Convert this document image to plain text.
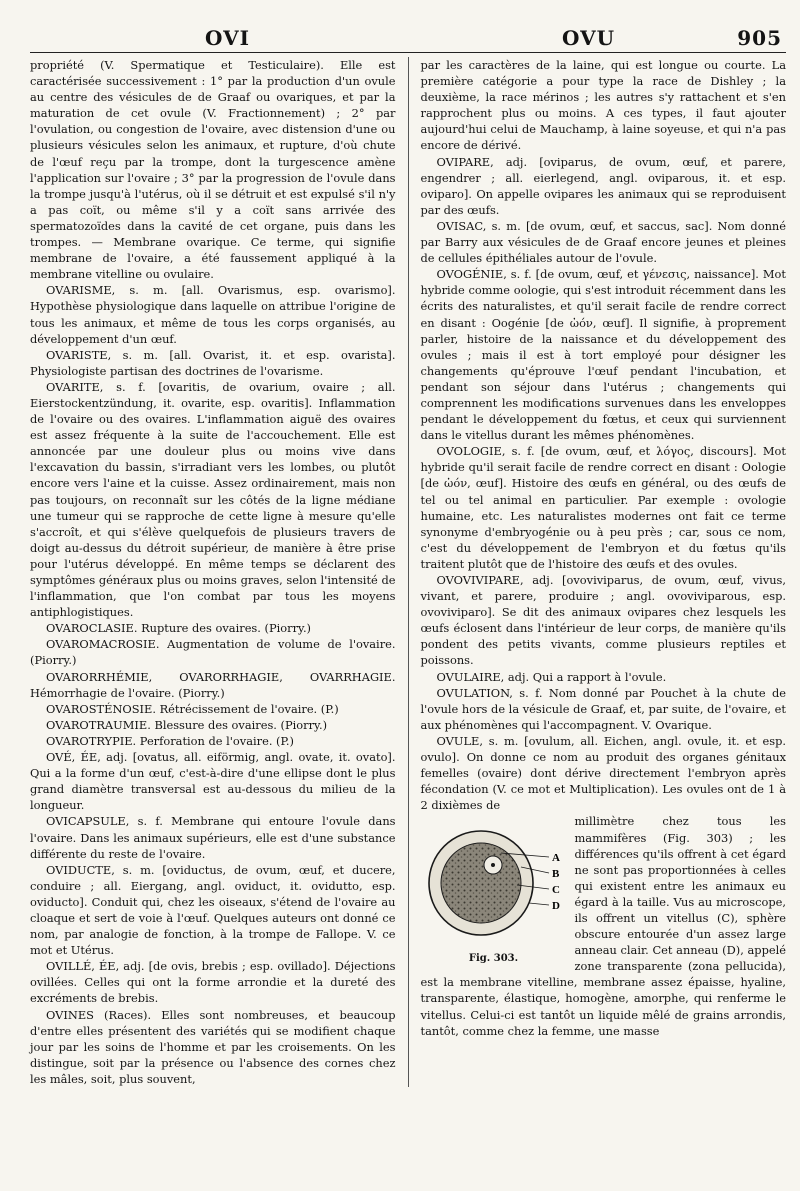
OVI	OVU	905

propriété (V. Spermatique et Testiculaire). Elle est caractérisée successivement : 1° par la production d'un ovule au centre des vésicules de de Graaf ou ovariques, et par la maturation de cet ovule (V. Fractionnement) ; 2° par l'ovulation, ou congestion de l'ovaire, avec distension d'une ou plusieurs vésicules selon les animaux, et rupture, d'où chute de l'œuf reçu par la trompe, dont la turgescence amène l'application sur l'ovaire ; 3° par la progression de l'ovule dans la trompe jusqu'à l'utérus, où il se détruit et est expulsé s'il n'y a pas coït, ou même s'il y a coït sans arrivée des spermatozoïdes dans la cavité de cet organe, puis dans les trompes. — Membrane ovarique. Ce terme, qui signifie membrane de l'ovaire, a été faussement appliqué à la membrane vitelline ou ovulaire.

OVARISME, s. m. [all. Ovarismus, esp. ovarismo]. Hypothèse physiologique dans laquelle on attribue l'origine de tous les animaux, et même de tous les corps organisés, au développement d'un œuf.

OVARISTE, s. m. [all. Ovarist, it. et esp. ovarista]. Physiologiste partisan des doctrines de l'ovarisme.

OVARITE, s. f. [ovaritis, de ovarium, ovaire ; all. Eierstockentzündung, it. ovarite, esp. ovaritis]. Inflammation de l'ovaire ou des ovaires. L'inflammation aiguë des ovaires est assez fréquente à la suite de l'accouchement. Elle est annoncée par une douleur plus ou moins vive dans l'excavation du bassin, s'irradiant vers les lombes, ou plutôt encore vers l'aine et la cuisse. Assez ordinairement, mais non pas toujours, on reconnaît sur les côtés de la ligne médiane une tumeur qui se rapproche de cette ligne à mesure qu'elle s'accroît, et qui s'élève quelquefois de plusieurs travers de doigt au-dessus du détroit supérieur, de manière à être prise pour l'utérus développé. En même temps se déclarent des symptômes généraux plus ou moins graves, selon l'intensité de l'inflammation, que l'on combat par tous les moyens antiphlogistiques.

OVAROCLASIE. Rupture des ovaires. (Piorry.)

OVAROMACROSIE. Augmentation de volume de l'ovaire. (Piorry.)

OVARORRHÉMIE, OVARORRHAGIE, OVARRHAGIE. Hémorrhagie de l'ovaire. (Piorry.)

OVAROSTÉNOSIE. Rétrécissement de l'ovaire. (P.)

OVAROTRAUMIE. Blessure des ovaires. (Piorry.)

OVAROTRYPIE. Perforation de l'ovaire. (P.)

OVÉ, ÉE, adj. [ovatus, all. eiförmig, angl. ovate, it. ovato]. Qui a la forme d'un œuf, c'est-à-dire d'une ellipse dont le plus grand diamètre transversal est au-dessous du milieu de la longueur.

OVICAPSULE, s. f. Membrane qui entoure l'ovule dans l'ovaire. Dans les animaux supérieurs, elle est d'une substance différente du reste de l'ovaire.

OVIDUCTE, s. m. [oviductus, de ovum, œuf, et ducere, conduire ; all. Eiergang, angl. oviduct, it. ovidutto, esp. oviducto]. Conduit qui, chez les oiseaux, s'étend de l'ovaire au cloaque et sert de voie à l'œuf. Quelques auteurs ont donné ce nom, par analogie de fonction, à la trompe de Fallope. V. ce mot et Utérus.

OVILLÉ, ÉE, adj. [de ovis, brebis ; esp. ovillado]. Déjections ovillées. Celles qui ont la forme arrondie et la dureté des excréments de brebis.

OVINES (Races). Elles sont nombreuses, et beaucoup d'entre elles présentent des variétés qui se modifient chaque jour par les soins de l'homme et par les croisements. On les distingue, soit par la présence ou l'absence des cornes chez les mâles, soit, plus souvent,

par les caractères de la laine, qui est longue ou courte. La première catégorie a pour type la race de Dishley ; la deuxième, la race mérinos ; les autres s'y rattachent et s'en rapprochent plus ou moins. A ces types, il faut ajouter aujourd'hui celui de Mauchamp, à laine soyeuse, et qui n'a pas encore de dérivé.

OVIPARE, adj. [oviparus, de ovum, œuf, et parere, engendrer ; all. eierlegend, angl. oviparous, it. et esp. oviparo]. On appelle ovipares les animaux qui se reproduisent par des œufs.

OVISAC, s. m. [de ovum, œuf, et saccus, sac]. Nom donné par Barry aux vésicules de de Graaf encore jeunes et pleines de cellules épithéliales autour de l'ovule.

OVOGÉNIE, s. f. [de ovum, œuf, et γένεσις, naissance]. Mot hybride comme oologie, qui s'est introduit récemment dans les écrits des naturalistes, et qu'il serait facile de rendre correct en disant : Oogénie [de ὠόν, œuf]. Il signifie, à proprement parler, histoire de la naissance et du développement des ovules ; mais il est à tort employé pour désigner les changements qu'éprouve l'œuf pendant l'incubation, et pendant son séjour dans l'utérus ; changements qui comprennent les modifications survenues dans les enveloppes pendant le développement du fœtus, et ceux qui surviennent dans le vitellus durant les mêmes phénomènes.

OVOLOGIE, s. f. [de ovum, œuf, et λόγος, discours]. Mot hybride qu'il serait facile de rendre correct en disant : Oologie [de ὠόν, œuf]. Histoire des œufs en général, ou des œufs de tel ou tel animal en particulier. Par exemple : ovologie humaine, etc. Les naturalistes modernes ont fait ce terme synonyme d'embryogénie ou à peu près ; car, sous ce nom, c'est du développement de l'embryon et du fœtus qu'ils traitent plutôt que de l'histoire des œufs et des ovules.

OVOVIVIPARE, adj. [ovoviviparus, de ovum, œuf, vivus, vivant, et parere, produire ; angl. ovoviviparous, esp. ovoviviparo]. Se dit des animaux ovipares chez lesquels les œufs éclosent dans l'intérieur de leur corps, de manière qu'ils pondent des petits vivants, comme plusieurs reptiles et poissons.

OVULAIRE, adj. Qui a rapport à l'ovule.

OVULATION, s. f. Nom donné par Pouchet à la chute de l'ovule hors de la vésicule de Graaf, et, par suite, de l'ovaire, et aux phénomènes qui l'accompagnent. V. Ovarique.

OVULE, s. m. [ovulum, all. Eichen, angl. ovule, it. et esp. ovulo]. On donne ce nom au produit des organes génitaux femelles (ovaire) dont dérive directement l'embryon après fécondation (V. ce mot et Multiplication). Les ovules ont de 1 à 2 dixièmes de

A
B
C
D
Fig. 303.

millimètre chez tous les mammifères (Fig. 303) ; les différences qu'ils offrent à cet égard ne sont pas proportionnées à celles qui existent entre les animaux eu égard à la taille. Vus au microscope, ils offrent un vitellus (C), sphère obscure entourée d'un assez large anneau clair. Cet anneau (D), appelé zone transparente (zona pellucida), est la membrane vitelline, membrane assez épaisse, hyaline, transparente, élastique, homogène, amorphe, qui renferme le vitellus. Celui-ci est tantôt un liquide mêlé de grains arrondis, tantôt, comme chez la femme, une masse
